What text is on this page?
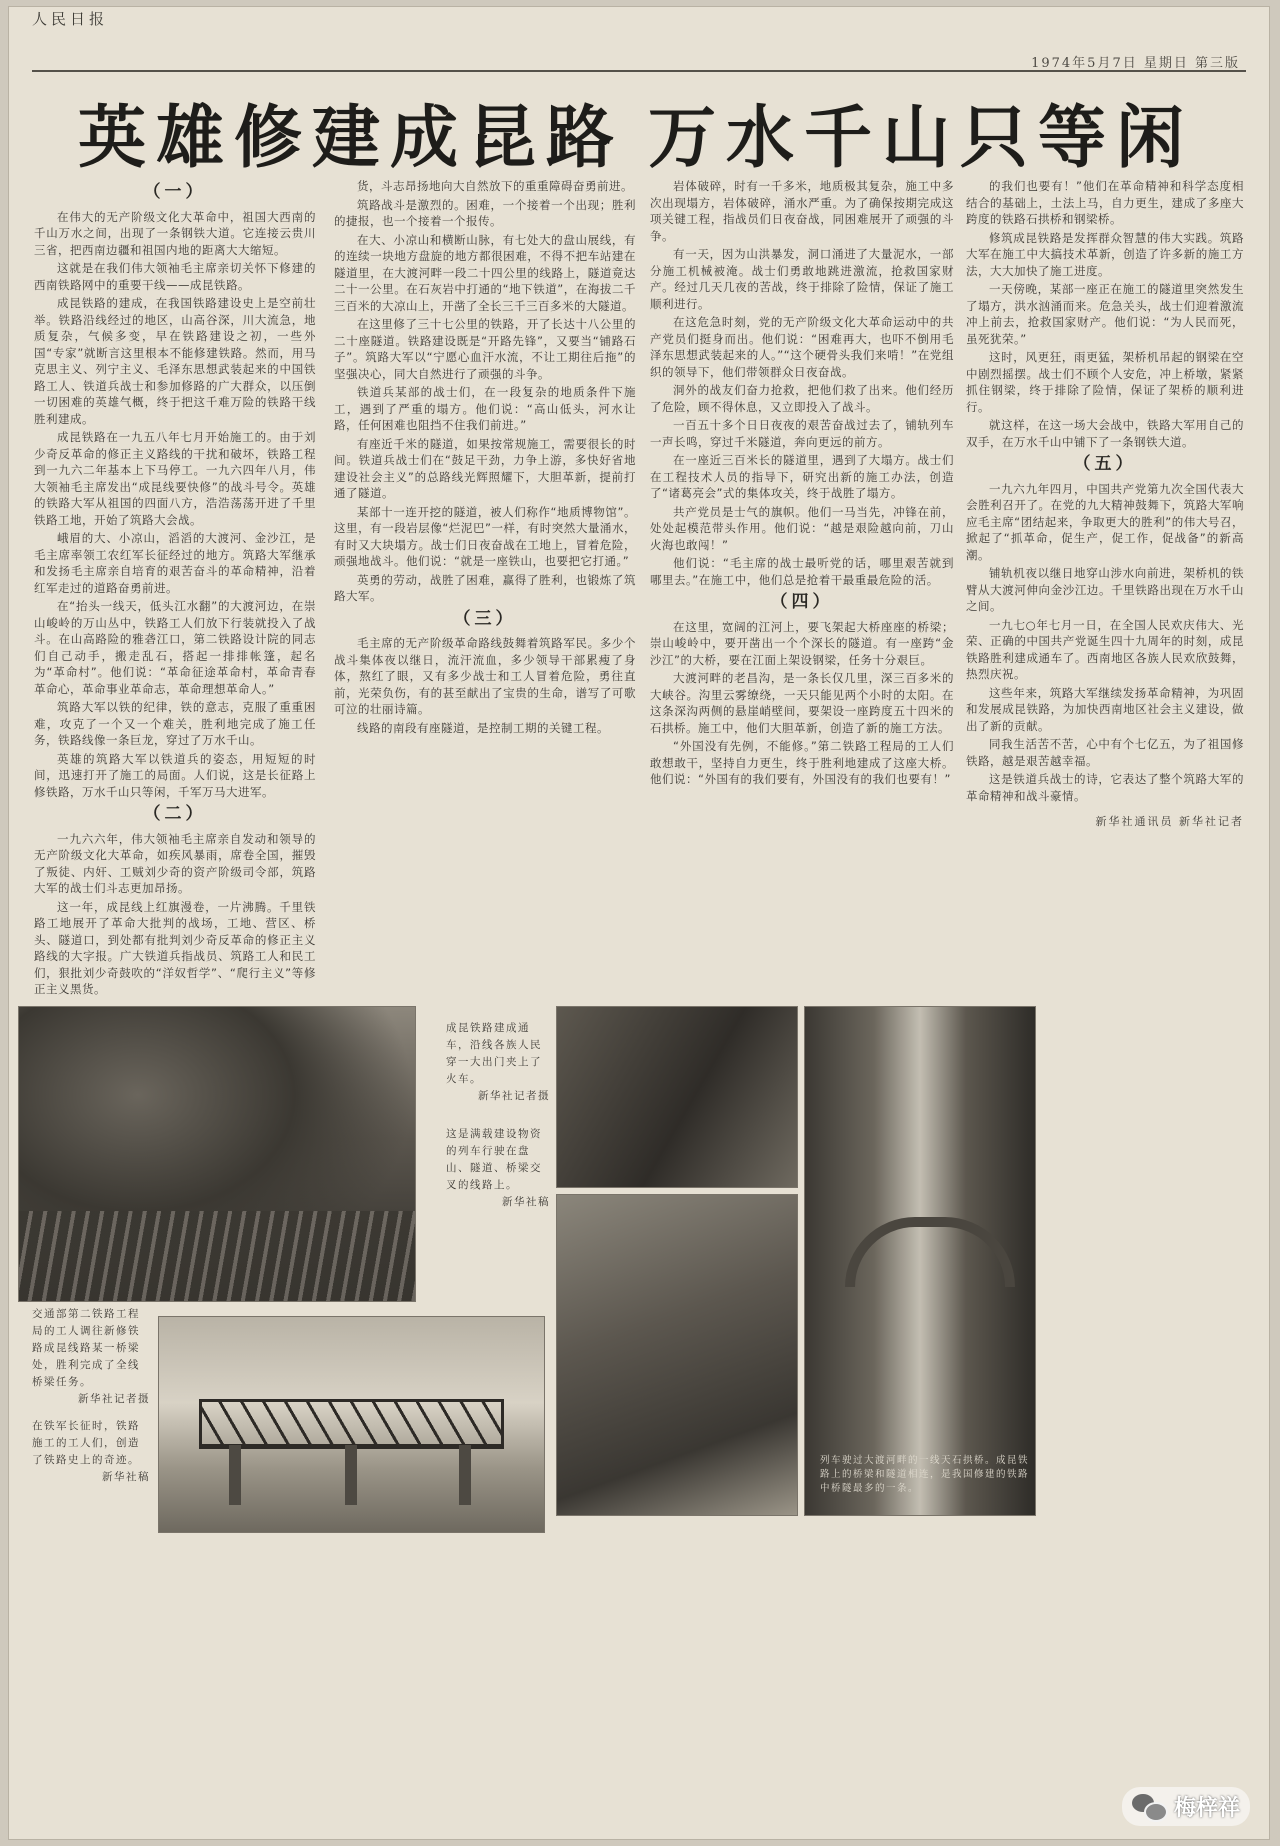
人民日报
1974年5月7日 星期日 第三版
英雄修建成昆路 万水千山只等闲
（一）

在伟大的无产阶级文化大革命中，祖国大西南的千山万水之间，出现了一条钢铁大道。它连接云贵川三省，把西南边疆和祖国内地的距离大大缩短。

这就是在我们伟大领袖毛主席亲切关怀下修建的西南铁路网中的重要干线——成昆铁路。

成昆铁路的建成，在我国铁路建设史上是空前壮举。铁路沿线经过的地区，山高谷深，川大流急，地质复杂，气候多变，早在铁路建设之初，一些外国“专家”就断言这里根本不能修建铁路。然而，用马克思主义、列宁主义、毛泽东思想武装起来的中国铁路工人、铁道兵战士和参加修路的广大群众，以压倒一切困难的英雄气概，终于把这千难万险的铁路干线胜利建成。

成昆铁路在一九五八年七月开始施工的。由于刘少奇反革命的修正主义路线的干扰和破坏，铁路工程到一九六二年基本上下马停工。一九六四年八月，伟大领袖毛主席发出“成昆线要快修”的战斗号令。英雄的铁路大军从祖国的四面八方，浩浩荡荡开进了千里铁路工地，开始了筑路大会战。

峨眉的大、小凉山，滔滔的大渡河、金沙江，是毛主席率领工农红军长征经过的地方。筑路大军继承和发扬毛主席亲自培育的艰苦奋斗的革命精神，沿着红军走过的道路奋勇前进。

在“抬头一线天，低头江水翻”的大渡河边，在崇山峻岭的万山丛中，铁路工人们放下行装就投入了战斗。在山高路险的雅砻江口，第二铁路设计院的同志们自己动手，搬走乱石，搭起一排排帐篷，起名为“革命村”。他们说：“革命征途革命村，革命青春革命心，革命事业革命志，革命理想革命人。”

筑路大军以铁的纪律，铁的意志，克服了重重困难，攻克了一个又一个难关，胜利地完成了施工任务，铁路线像一条巨龙，穿过了万水千山。

英雄的筑路大军以铁道兵的姿态，用短短的时间，迅速打开了施工的局面。人们说，这是长征路上修铁路，万水千山只等闲，千军万马大进军。

（二）

一九六六年，伟大领袖毛主席亲自发动和领导的无产阶级文化大革命，如疾风暴雨，席卷全国，摧毁了叛徒、内奸、工贼刘少奇的资产阶级司令部，筑路大军的战士们斗志更加昂扬。

这一年，成昆线上红旗漫卷，一片沸腾。千里铁路工地展开了革命大批判的战场，工地、营区、桥头、隧道口，到处都有批判刘少奇反革命的修正主义路线的大字报。广大铁道兵指战员、筑路工人和民工们，狠批刘少奇鼓吹的“洋奴哲学”、“爬行主义”等修正主义黑货。

货，斗志昂扬地向大自然放下的重重障碍奋勇前进。

筑路战斗是激烈的。困难，一个接着一个出现；胜利的捷报，也一个接着一个报传。

在大、小凉山和横断山脉，有七处大的盘山展线，有的连续一块地方盘旋的地方都很困难，不得不把车站建在隧道里，在大渡河畔一段二十四公里的线路上，隧道竟达二十一公里。在石灰岩中打通的“地下铁道”，在海拔二千三百米的大凉山上，开凿了全长三千三百多米的大隧道。

在这里修了三十七公里的铁路，开了长达十八公里的二十座隧道。铁路建设既是“开路先锋”，又要当“铺路石子”。筑路大军以“宁愿心血汗水流，不让工期往后拖”的坚强决心，同大自然进行了顽强的斗争。

铁道兵某部的战士们，在一段复杂的地质条件下施工，遇到了严重的塌方。他们说：“高山低头，河水让路，任何困难也阻挡不住我们前进。”

有座近千米的隧道，如果按常规施工，需要很长的时间。铁道兵战士们在“鼓足干劲，力争上游，多快好省地建设社会主义”的总路线光辉照耀下，大胆革新，提前打通了隧道。

某部十一连开挖的隧道，被人们称作“地质博物馆”。这里，有一段岩层像“烂泥巴”一样，有时突然大量涌水，有时又大块塌方。战士们日夜奋战在工地上，冒着危险，顽强地战斗。他们说：“就是一座铁山，也要把它打通。”

英勇的劳动，战胜了困难，赢得了胜利，也锻炼了筑路大军。

（三）

毛主席的无产阶级革命路线鼓舞着筑路军民。多少个战斗集体夜以继日，流汗流血，多少领导干部累瘦了身体，熬红了眼，又有多少战士和工人冒着危险，勇往直前，光荣负伤，有的甚至献出了宝贵的生命，谱写了可歌可泣的壮丽诗篇。

线路的南段有座隧道，是控制工期的关键工程。

岩体破碎，时有一千多米，地质极其复杂，施工中多次出现塌方，岩体破碎，涌水严重。为了确保按期完成这项关键工程，指战员们日夜奋战，同困难展开了顽强的斗争。

有一天，因为山洪暴发，洞口涌进了大量泥水，一部分施工机械被淹。战士们勇敢地跳进激流，抢救国家财产。经过几天几夜的苦战，终于排除了险情，保证了施工顺利进行。

在这危急时刻，党的无产阶级文化大革命运动中的共产党员们挺身而出。他们说：“困难再大，也吓不倒用毛泽东思想武装起来的人。”“这个硬骨头我们来啃！”在党组织的领导下，他们带领群众日夜奋战。

洞外的战友们奋力抢救，把他们救了出来。他们经历了危险，顾不得休息，又立即投入了战斗。

一百五十多个日日夜夜的艰苦奋战过去了，铺轨列车一声长鸣，穿过千米隧道，奔向更远的前方。

在一座近三百米长的隧道里，遇到了大塌方。战士们在工程技术人员的指导下，研究出新的施工办法，创造了“诸葛亮会”式的集体攻关，终于战胜了塌方。

共产党员是士气的旗帜。他们一马当先，冲锋在前，处处起模范带头作用。他们说：“越是艰险越向前，刀山火海也敢闯！”

他们说：“毛主席的战士最听党的话，哪里艰苦就到哪里去。”在施工中，他们总是抢着干最重最危险的活。

（四）

在这里，宽阔的江河上，要飞架起大桥座座的桥梁；崇山峻岭中，要开凿出一个个深长的隧道。有一座跨“金沙江”的大桥，要在江面上架设钢梁，任务十分艰巨。

大渡河畔的老昌沟，是一条长仅几里，深三百多米的大峡谷。沟里云雾缭绕，一天只能见两个小时的太阳。在这条深沟两侧的悬崖峭壁间，要架设一座跨度五十四米的石拱桥。施工中，他们大胆革新，创造了新的施工方法。

“外国没有先例，不能修。”第二铁路工程局的工人们敢想敢干，坚持自力更生，终于胜利地建成了这座大桥。他们说：“外国有的我们要有，外国没有的我们也要有！”

的我们也要有！”他们在革命精神和科学态度相结合的基础上，土法上马，自力更生，建成了多座大跨度的铁路石拱桥和钢梁桥。

修筑成昆铁路是发挥群众智慧的伟大实践。筑路大军在施工中大搞技术革新，创造了许多新的施工方法，大大加快了施工进度。

一天傍晚，某部一座正在施工的隧道里突然发生了塌方，洪水汹涌而来。危急关头，战士们迎着激流冲上前去，抢救国家财产。他们说：“为人民而死，虽死犹荣。”

这时，风更狂，雨更猛，架桥机吊起的钢梁在空中剧烈摇摆。战士们不顾个人安危，冲上桥墩，紧紧抓住钢梁，终于排除了险情，保证了架桥的顺利进行。

就这样，在这一场大会战中，铁路大军用自己的双手，在万水千山中铺下了一条钢铁大道。

（五）

一九六九年四月，中国共产党第九次全国代表大会胜利召开了。在党的九大精神鼓舞下，筑路大军响应毛主席“团结起来，争取更大的胜利”的伟大号召，掀起了“抓革命，促生产，促工作，促战备”的新高潮。

铺轨机夜以继日地穿山涉水向前进，架桥机的铁臂从大渡河伸向金沙江边。千里铁路出现在万水千山之间。

一九七○年七月一日，在全国人民欢庆伟大、光荣、正确的中国共产党诞生四十九周年的时刻，成昆铁路胜利建成通车了。西南地区各族人民欢欣鼓舞，热烈庆祝。

这些年来，筑路大军继续发扬革命精神，为巩固和发展成昆铁路，为加快西南地区社会主义建设，做出了新的贡献。

同我生活苦不苦，心中有个七亿五，为了祖国修铁路，越是艰苦越幸福。

这是铁道兵战士的诗，它表达了整个筑路大军的革命精神和战斗豪情。

新华社通讯员 新华社记者
成昆铁路建成通车，沿线各族人民穿一大出门夹上了火车。
新华社记者摄
这是满载建设物资的列车行驶在盘山、隧道、桥梁交叉的线路上。
新华社稿
交通部第二铁路工程局的工人调往新修铁路成昆线路某一桥梁处，胜利完成了全线桥梁任务。
新华社记者摄
在铁军长征时，铁路施工的工人们，创造了铁路史上的奇迹。
新华社稿
列车驶过大渡河畔的一线天石拱桥。成昆铁路上的桥梁和隧道相连，是我国修建的铁路中桥隧最多的一条。
梅梓祥
